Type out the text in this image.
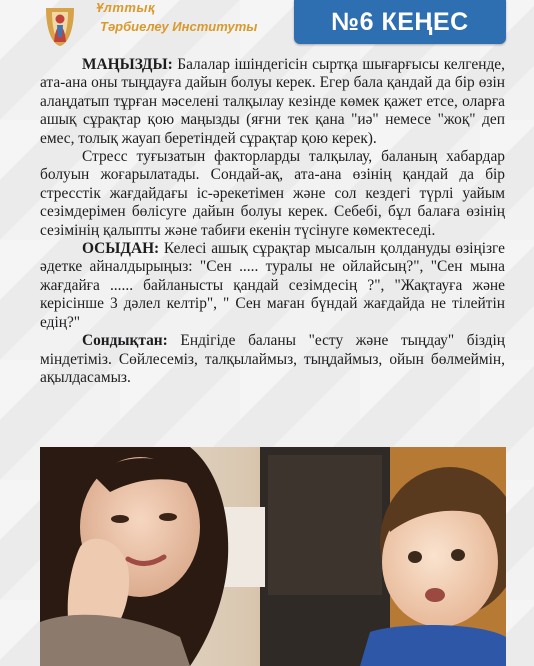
Ұлттық
Тәрбиелеу Институты	№6 КЕҢЕС

МАҢЫЗДЫ: Балалар ішіндегісін сыртқа шығарғысы келгенде, ата-ана оны тыңдауға дайын болуы керек. Егер бала қандай да бір өзін алаңдатып тұрған мәселені талқылау кезінде көмек қажет етсе, оларға ашық сұрақтар қою маңызды (яғни тек қана "иә" немесе "жоқ" деп емес, толық жауап беретіндей сұрақтар қою керек).

Стресс туғызатын факторларды талқылау, баланың хабардар болуын жоғарылатады. Сондай-ақ, ата-ана өзінің қандай да бір стресстік жағдайдағы іс-әрекетімен және сол кездегі түрлі уайым сезімдерімен бөлісуге дайын болуы керек. Себебі, бұл балаға өзінің сезімінің қалыпты және табиғи екенін түсінуге көмектеседі.

ОСЫДАН: Келесі ашық сұрақтар мысалын қолдануды өзіңізге әдетке айналдырыңыз: "Сен ..... туралы не ойлайсың?", "Сен мына жағдайға ...... байланысты қандай сезімдесің ?", "Жақтауға және керісінше 3 дәлел келтір", " Сен маған бүндай жағдайда не тілейтін едің?"

Сондықтан: Ендігіде баланы "есту және тыңдау" біздің міндетіміз. Сөйлесеміз, талқылаймыз, тыңдаймыз, ойын бөлмеймін, ақылдасамыз.
